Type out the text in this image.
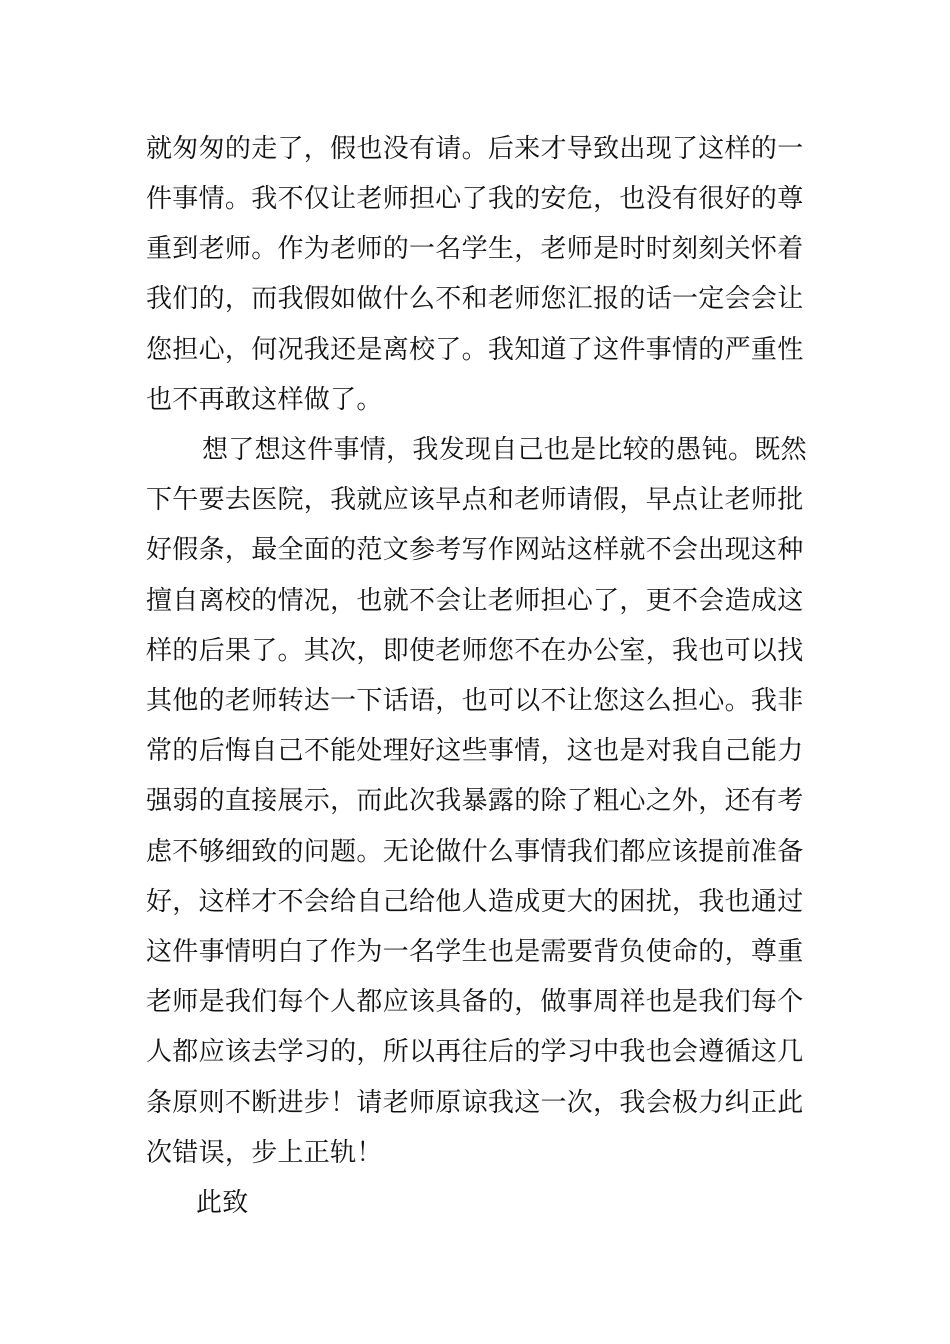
就匆匆的走了，假也没有请。后来才导致出现了这样的一
件事情。我不仅让老师担心了我的安危，也没有很好的尊
重到老师。作为老师的一名学生，老师是时时刻刻关怀着
我们的，而我假如做什么不和老师您汇报的话一定会会让
您担心，何况我还是离校了。我知道了这件事情的严重性
也不再敢这样做了。
想了想这件事情，我发现自己也是比较的愚钝。既然
下午要去医院，我就应该早点和老师请假，早点让老师批
好假条，最全面的范文参考写作网站这样就不会出现这种
擅自离校的情况，也就不会让老师担心了，更不会造成这
样的后果了。其次，即使老师您不在办公室，我也可以找
其他的老师转达一下话语，也可以不让您这么担心。我非
常的后悔自己不能处理好这些事情，这也是对我自己能力
强弱的直接展示，而此次我暴露的除了粗心之外，还有考
虑不够细致的问题。无论做什么事情我们都应该提前准备
好，这样才不会给自己给他人造成更大的困扰，我也通过
这件事情明白了作为一名学生也是需要背负使命的，尊重
老师是我们每个人都应该具备的，做事周祥也是我们每个
人都应该去学习的，所以再往后的学习中我也会遵循这几
条原则不断进步！请老师原谅我这一次，我会极力纠正此
次错误，步上正轨！
此致
